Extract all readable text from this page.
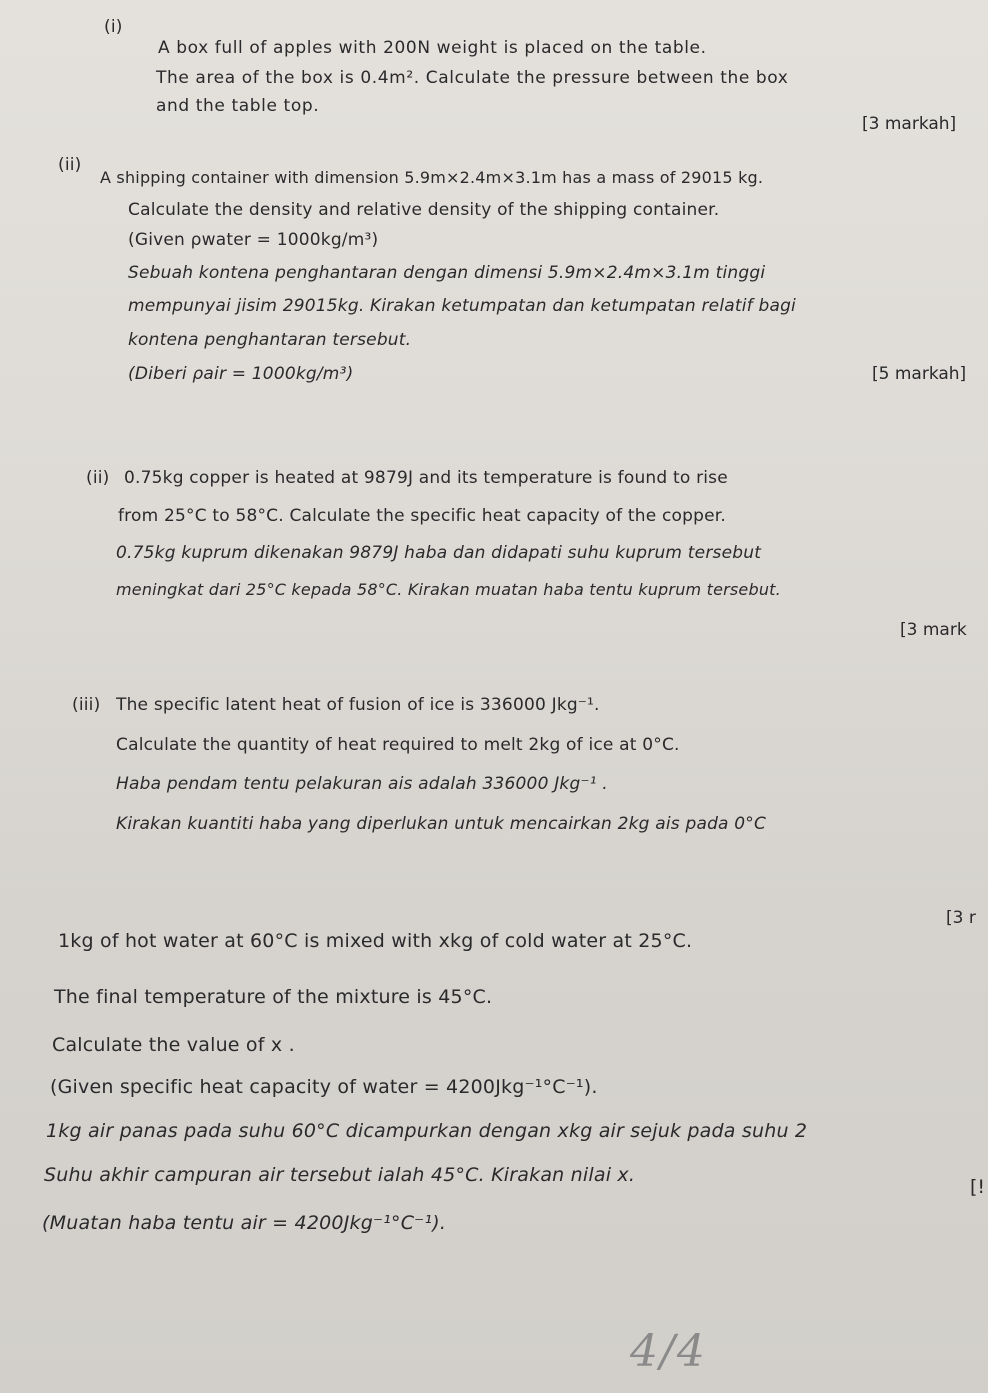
(i)
A box full of apples with 200N weight is placed on the table.
The area of the box is 0.4m². Calculate the pressure between the box
and the table top.
[3 markah]
(ii)
A shipping container with dimension 5.9m×2.4m×3.1m has a mass of 29015 kg.
Calculate the density and relative density of the shipping container.
(Given ρwater = 1000kg/m³)
Sebuah kontena penghantaran dengan dimensi 5.9m×2.4m×3.1m tinggi
mempunyai jisim 29015kg. Kirakan ketumpatan dan ketumpatan relatif bagi
kontena penghantaran tersebut.
(Diberi ρair = 1000kg/m³)	[5 markah]
(ii) 0.75kg copper is heated at 9879J and its temperature is found to rise
from 25°C to 58°C. Calculate the specific heat capacity of the copper.
0.75kg kuprum dikenakan 9879J haba dan didapati suhu kuprum tersebut
meningkat dari 25°C kepada 58°C. Kirakan muatan haba tentu kuprum tersebut.
[3 mark
(iii) The specific latent heat of fusion of ice is 336000 Jkg⁻¹.
Calculate the quantity of heat required to melt 2kg of ice at 0°C.
Haba pendam tentu pelakuran ais adalah 336000 Jkg⁻¹ .
Kirakan kuantiti haba yang diperlukan untuk mencairkan 2kg ais pada 0°C
[3 r
1kg of hot water at 60°C is mixed with xkg of cold water at 25°C.
The final temperature of the mixture is 45°C.
Calculate the value of x .
(Given specific heat capacity of water = 4200Jkg⁻¹°C⁻¹).
1kg air panas pada suhu 60°C dicampurkan dengan xkg air sejuk pada suhu 2
Suhu akhir campuran air tersebut ialah 45°C. Kirakan nilai x.
(Muatan haba tentu air = 4200Jkg⁻¹°C⁻¹).
[!
4/4
